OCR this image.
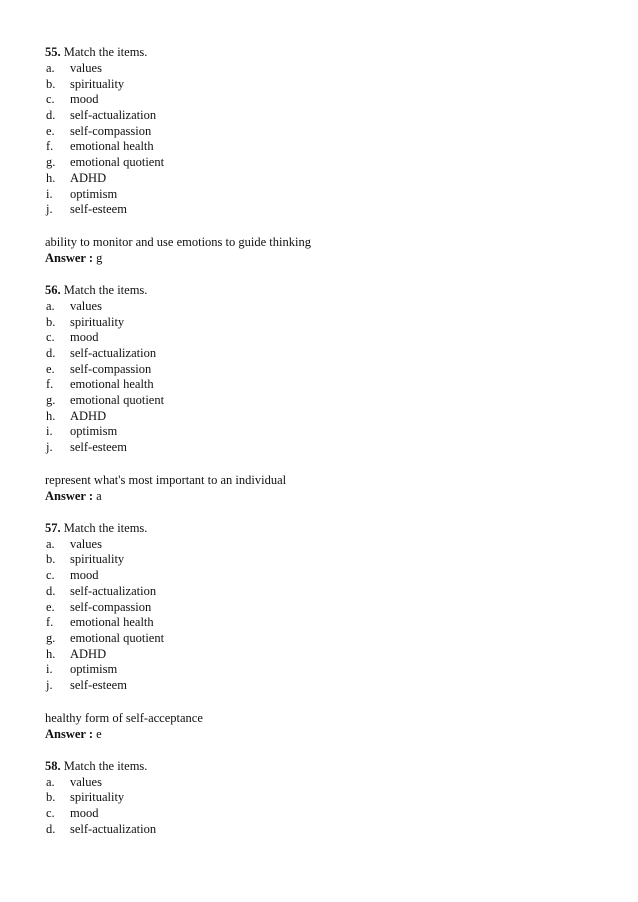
55. Match the items.
a. values
b. spirituality
c. mood
d. self-actualization
e. self-compassion
f. emotional health
g. emotional quotient
h. ADHD
i. optimism
j. self-esteem
ability to monitor and use emotions to guide thinking
Answer : g
56. Match the items.
a. values
b. spirituality
c. mood
d. self-actualization
e. self-compassion
f. emotional health
g. emotional quotient
h. ADHD
i. optimism
j. self-esteem
represent what's most important to an individual
Answer : a
57. Match the items.
a. values
b. spirituality
c. mood
d. self-actualization
e. self-compassion
f. emotional health
g. emotional quotient
h. ADHD
i. optimism
j. self-esteem
healthy form of self-acceptance
Answer : e
58. Match the items.
a. values
b. spirituality
c. mood
d. self-actualization
